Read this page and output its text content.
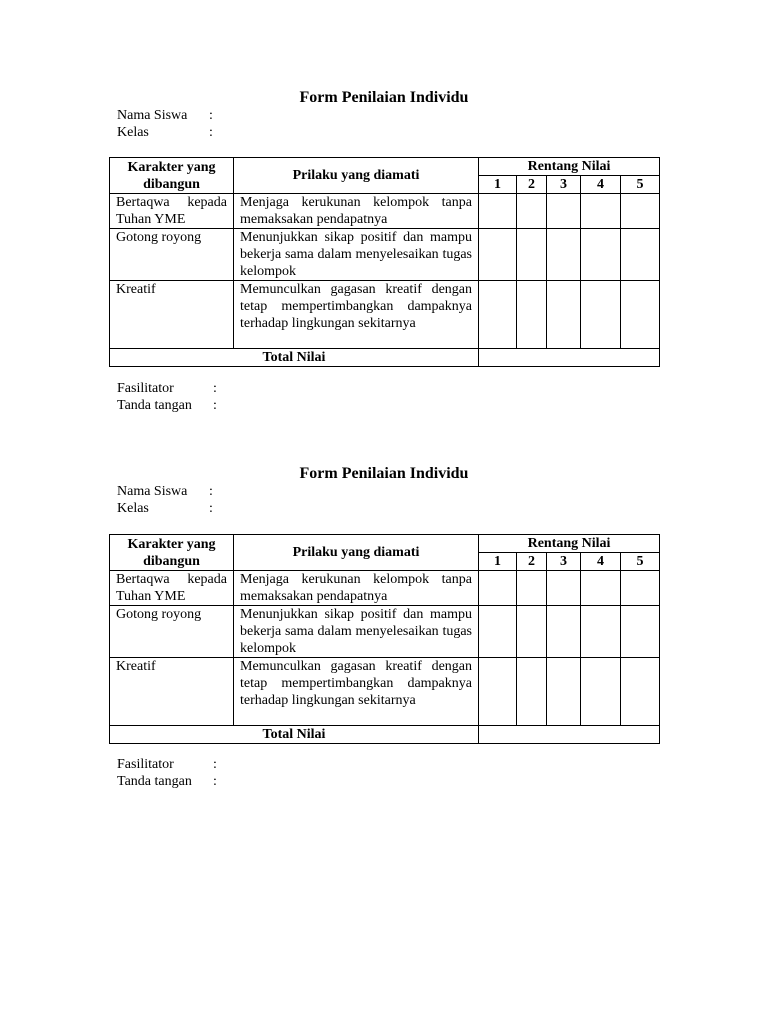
Form Penilaian Individu
Nama Siswa :
Kelas	:
Karakter yang dibangun	Prilaku yang diamati	Rentang Nilai				
		1	2	3	4	5

Bertaqwa kepada Tuhan YME	Menjaga kerukunan kelompok tanpa memaksakan pendapatnya					
Gotong royong	Menunjukkan sikap positif dan mampu bekerja sama dalam menyelesaikan tugas kelompok					
Kreatif	Memunculkan gagasan kreatif dengan tetap mempertimbangkan dampaknya terhadap lingkungan sekitarnya					
Total Nilai						
Fasilitator	:
Tanda tangan :
Form Penilaian Individu
Nama Siswa :
Kelas	:
Karakter yang dibangun	Prilaku yang diamati	Rentang Nilai				
		1	2	3	4	5

Bertaqwa kepada Tuhan YME	Menjaga kerukunan kelompok tanpa memaksakan pendapatnya					
Gotong royong	Menunjukkan sikap positif dan mampu bekerja sama dalam menyelesaikan tugas kelompok					
Kreatif	Memunculkan gagasan kreatif dengan tetap mempertimbangkan dampaknya terhadap lingkungan sekitarnya					
Total Nilai						
Fasilitator	:
Tanda tangan :
